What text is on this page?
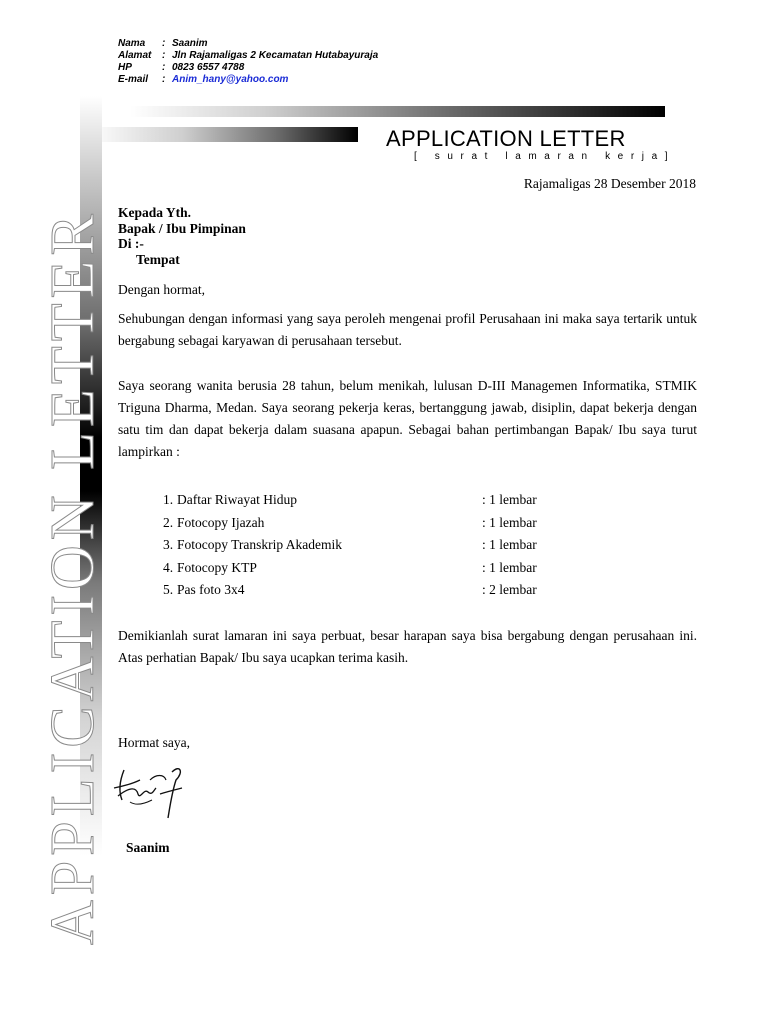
Nama	: Saanim
Alamat	: Jln Rajamaligas 2 Kecamatan Hutabayuraja
HP	: 0823 6557 4788
E-mail	: Anim_hany@yahoo.com
APPLICATION LETTER
APPLICATION LETTER
[ surat lamaran kerja]
Rajamaligas 28 Desember 2018
Kepada Yth.
Bapak / Ibu Pimpinan
Di :-
Tempat
Dengan hormat,
Sehubungan dengan informasi yang saya peroleh mengenai profil Perusahaan ini maka saya tertarik untuk bergabung sebagai karyawan di perusahaan tersebut.
Saya seorang wanita berusia 28 tahun, belum menikah, lulusan D-III Managemen Informatika, STMIK Triguna Dharma, Medan. Saya seorang pekerja keras, bertanggung jawab, disiplin, dapat bekerja dengan satu tim dan dapat bekerja dalam suasana apapun. Sebagai bahan pertimbangan Bapak/ Ibu saya turut lampirkan :
1. Daftar Riwayat Hidup	: 1 lembar
2. Fotocopy Ijazah	: 1 lembar
3. Fotocopy Transkrip Akademik	: 1 lembar
4. Fotocopy KTP	: 1 lembar
5. Pas foto 3x4	: 2 lembar
Demikianlah surat lamaran ini saya perbuat, besar harapan saya bisa bergabung dengan perusahaan ini. Atas perhatian Bapak/ Ibu saya ucapkan terima kasih.
Hormat saya,
Saanim
